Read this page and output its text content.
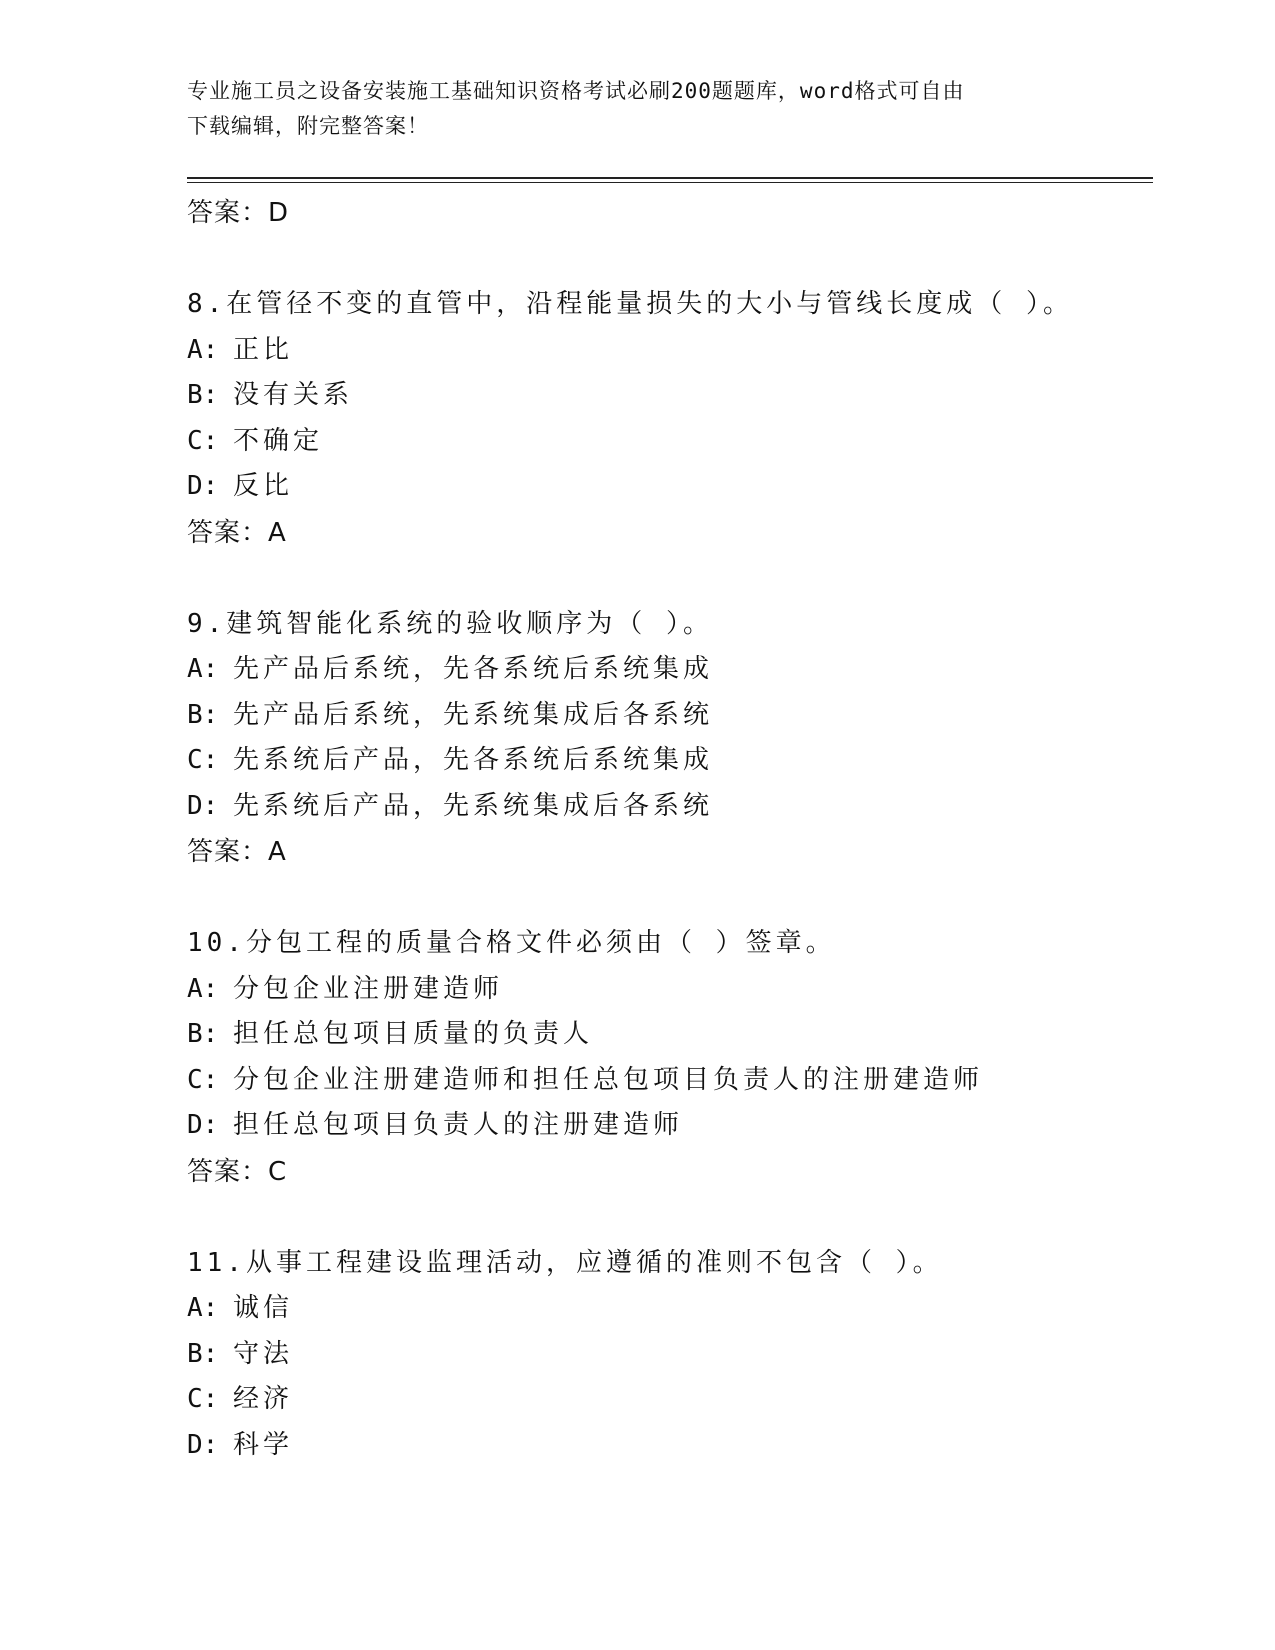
专业施工员之设备安装施工基础知识资格考试必刷200题题库，word格式可自由
下载编辑，附完整答案！
答案：D
8.在管径不变的直管中，沿程能量损失的大小与管线长度成（ ）。
A: 正比
B: 没有关系
C: 不确定
D: 反比
答案：A
9.建筑智能化系统的验收顺序为（ ）。
A: 先产品后系统，先各系统后系统集成
B: 先产品后系统，先系统集成后各系统
C: 先系统后产品，先各系统后系统集成
D: 先系统后产品，先系统集成后各系统
答案：A
10.分包工程的质量合格文件必须由（ ）签章。
A: 分包企业注册建造师
B: 担任总包项目质量的负责人
C: 分包企业注册建造师和担任总包项目负责人的注册建造师
D: 担任总包项目负责人的注册建造师
答案：C
11.从事工程建设监理活动，应遵循的准则不包含（ ）。
A: 诚信
B: 守法
C: 经济
D: 科学
